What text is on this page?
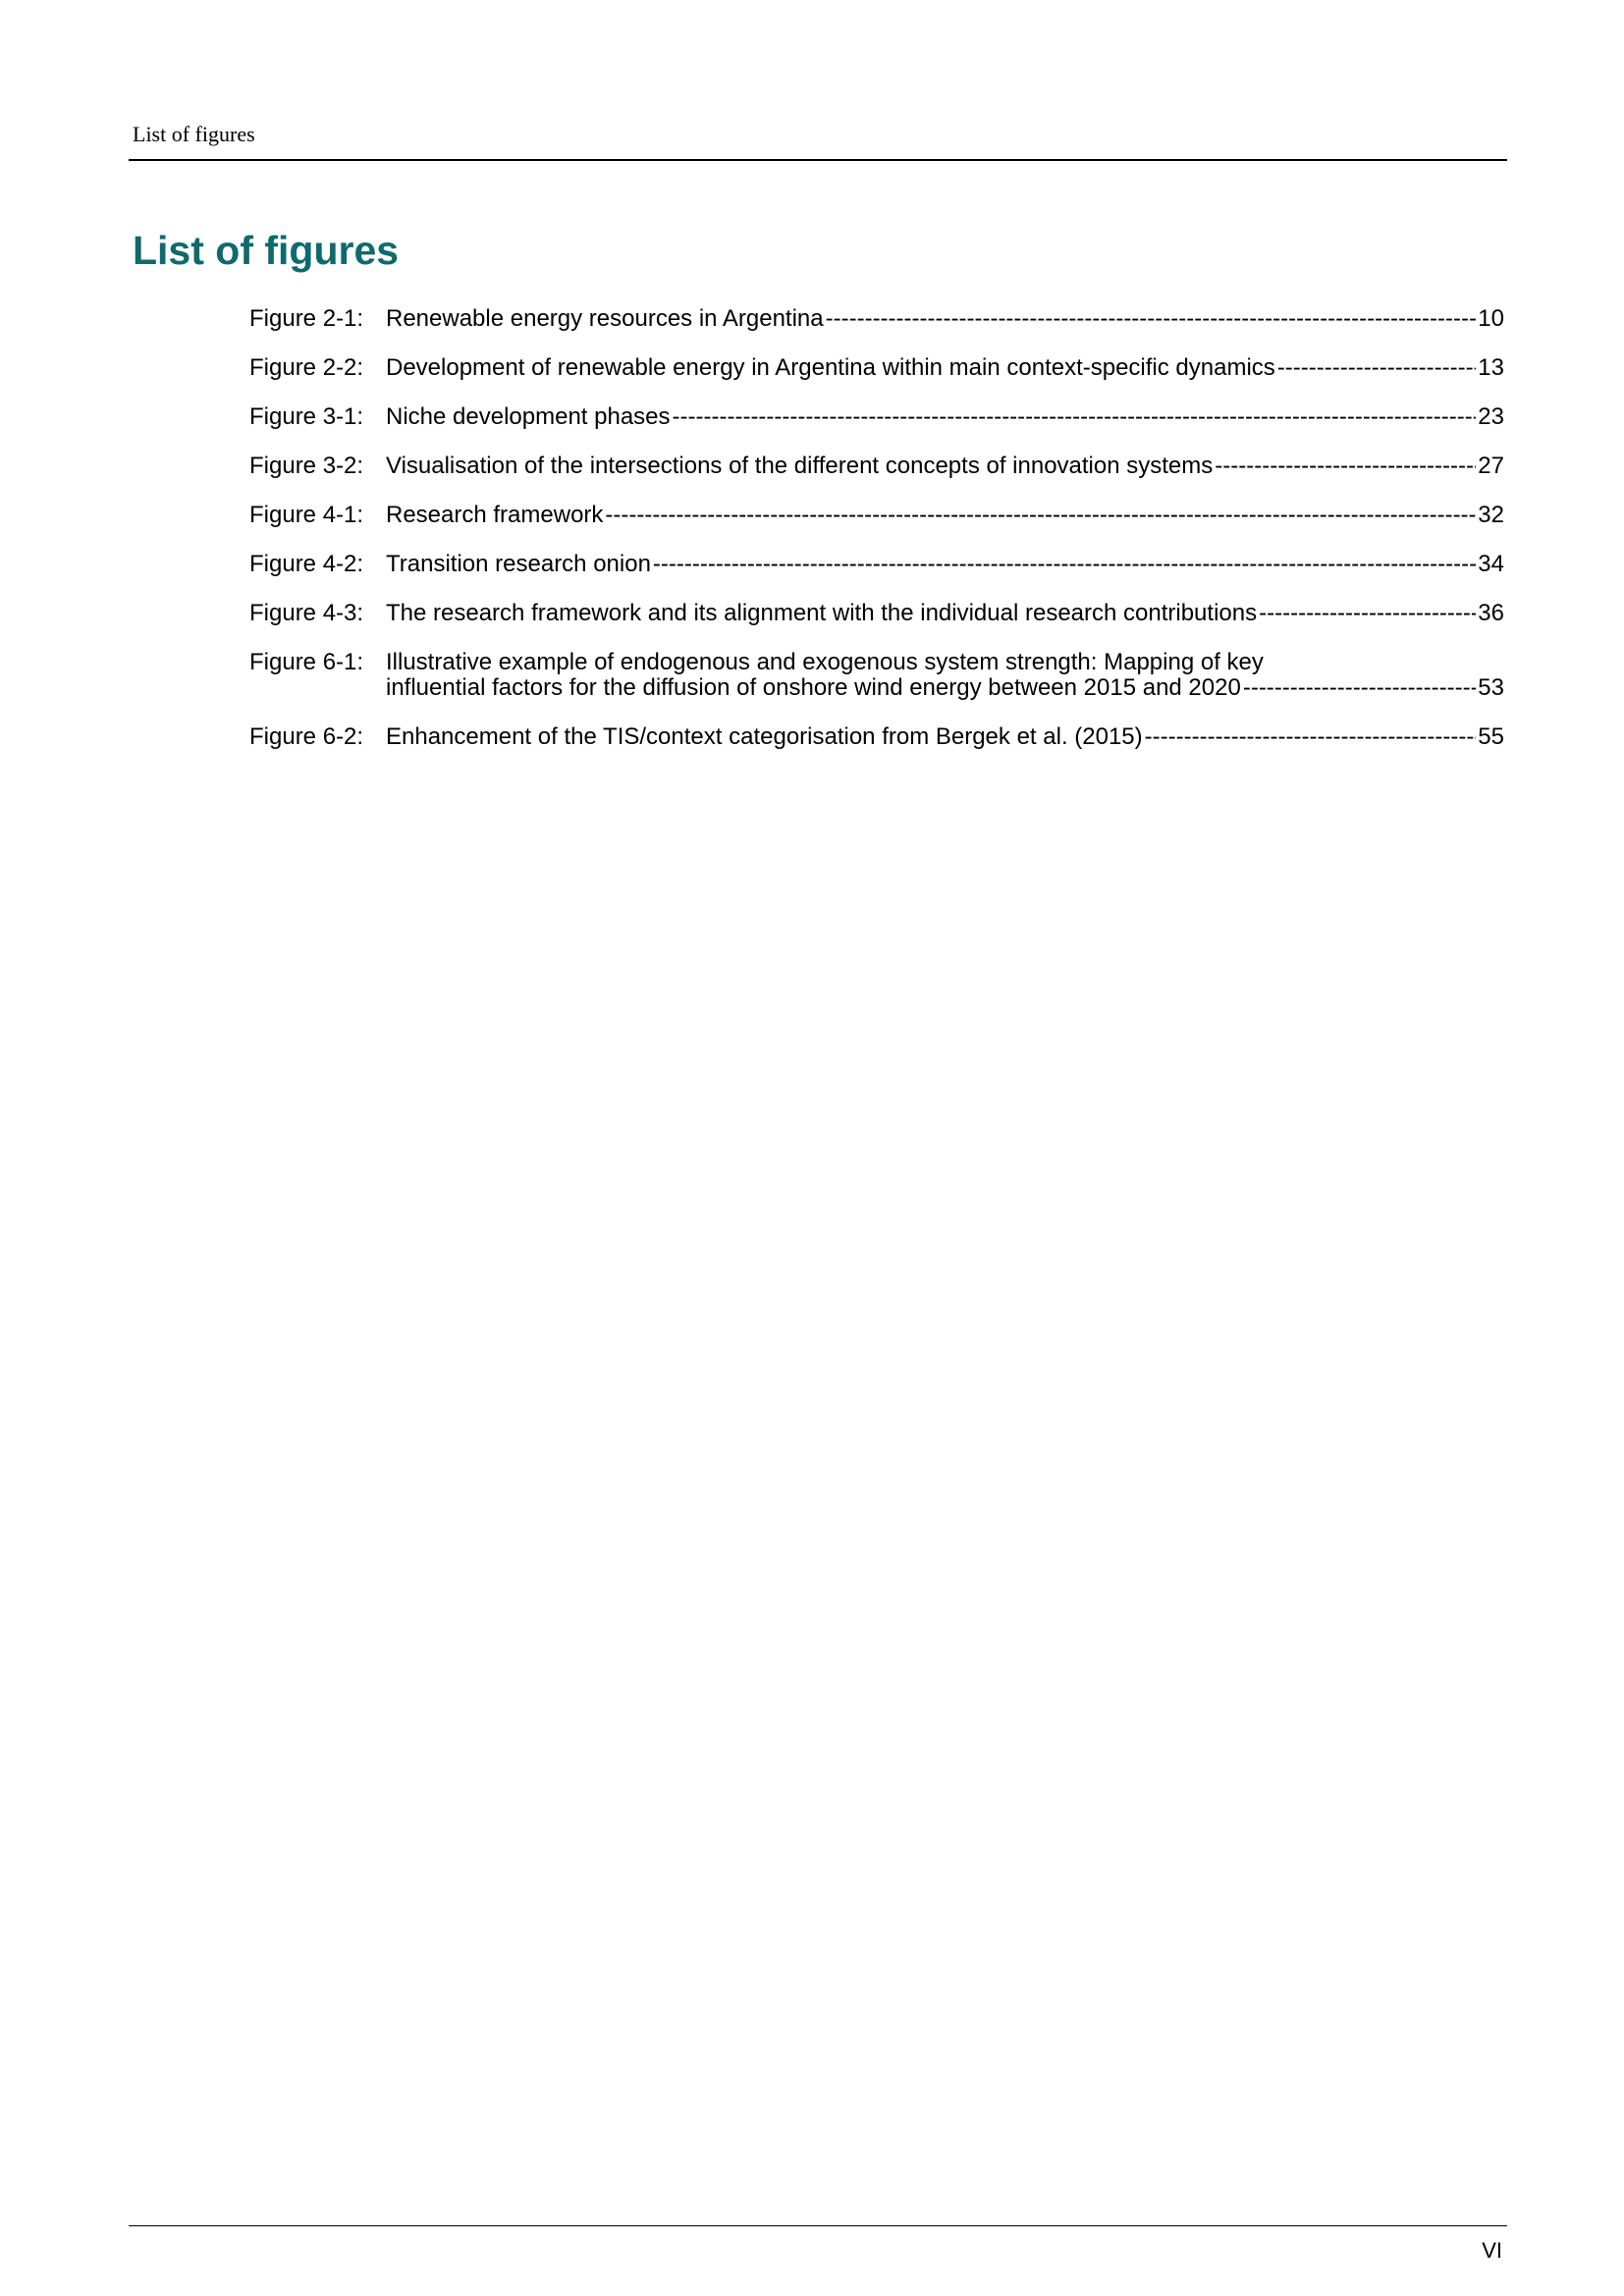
List of figures
List of figures
Figure 2-1: Renewable energy resources in Argentina -----	10
Figure 2-2: Development of renewable energy in Argentina within main context-specific dynamics -----	13
Figure 3-1: Niche development phases -----	23
Figure 3-2: Visualisation of the intersections of the different concepts of innovation systems -----	27
Figure 4-1: Research framework -----	32
Figure 4-2: Transition research onion -----	34
Figure 4-3: The research framework and its alignment with the individual research contributions -----	36
Figure 6-1: Illustrative example of endogenous and exogenous system strength: Mapping of key
influential factors for the diffusion of onshore wind energy between 2015 and 2020 -----	53
Figure 6-2: Enhancement of the TIS/context categorisation from Bergek et al. (2015) -----	55
VI
